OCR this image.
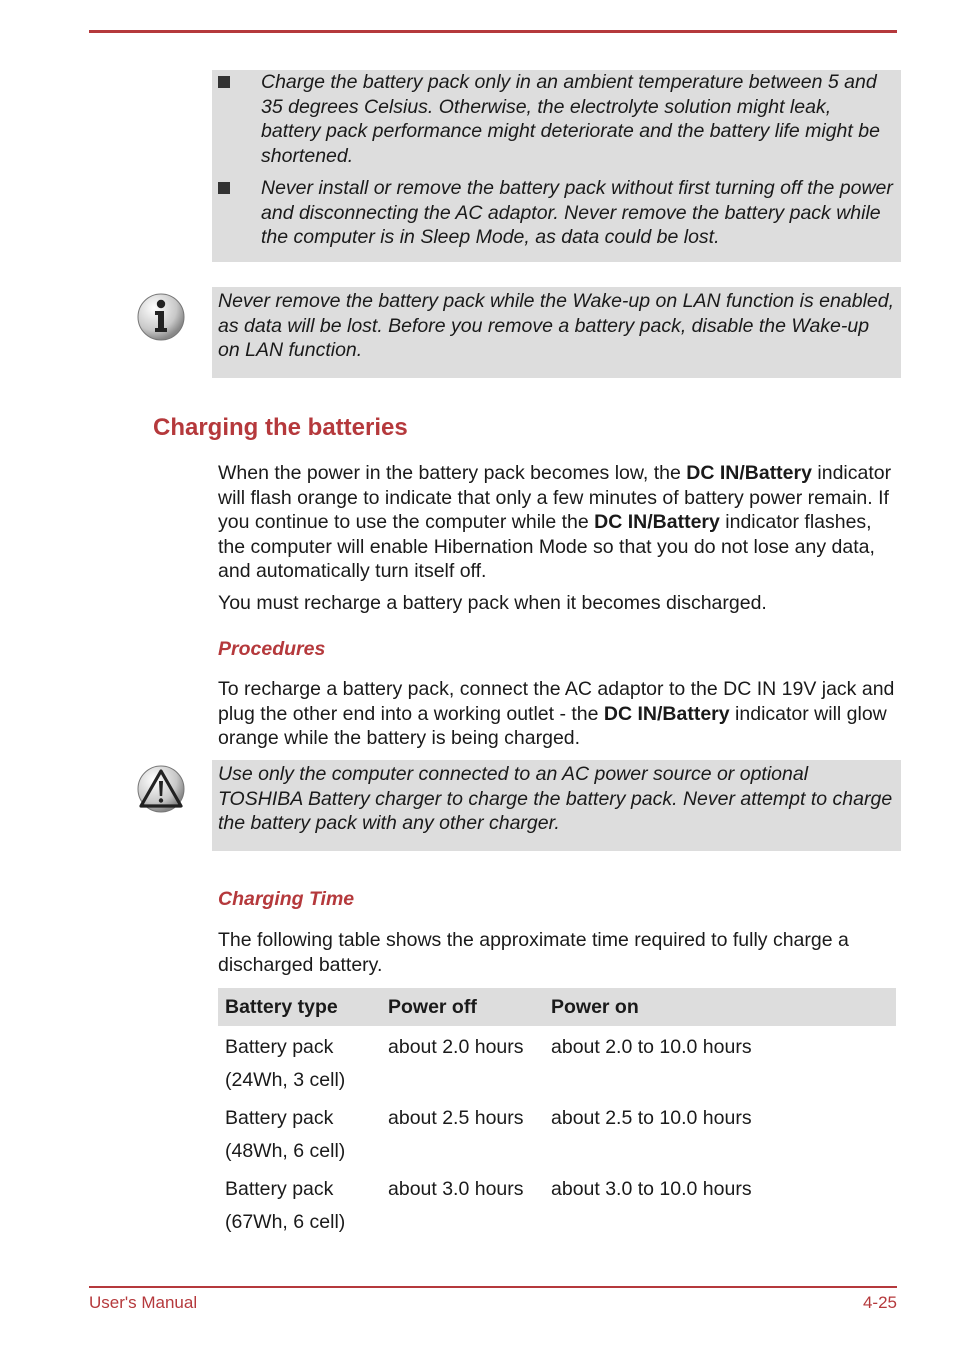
Charge the battery pack only in an ambient temperature between 5 and 35 degrees Celsius. Otherwise, the electrolyte solution might leak, battery pack performance might deteriorate and the battery life might be shortened.
Never install or remove the battery pack without first turning off the power and disconnecting the AC adaptor. Never remove the battery pack while the computer is in Sleep Mode, as data could be lost.
Never remove the battery pack while the Wake-up on LAN function is enabled, as data will be lost. Before you remove a battery pack, disable the Wake-up on LAN function.
Charging the batteries

When the power in the battery pack becomes low, the DC IN/Battery indicator will flash orange to indicate that only a few minutes of battery power remain. If you continue to use the computer while the DC IN/Battery indicator flashes, the computer will enable Hibernation Mode so that you do not lose any data, and automatically turn itself off.

You must recharge a battery pack when it becomes discharged.

Procedures

To recharge a battery pack, connect the AC adaptor to the DC IN 19V jack and plug the other end into a working outlet - the DC IN/Battery indicator will glow orange while the battery is being charged.

Use only the computer connected to an AC power source or optional TOSHIBA Battery charger to charge the battery pack. Never attempt to charge the battery pack with any other charger.
Charging Time

The following table shows the approximate time required to fully charge a discharged battery.

Battery type	Power off	Power on
Battery pack
(24Wh, 3 cell)	about 2.0 hours	about 2.0 to 10.0 hours
Battery pack
(48Wh, 6 cell)	about 2.5 hours	about 2.5 to 10.0 hours
Battery pack
(67Wh, 6 cell)	about 3.0 hours	about 3.0 to 10.0 hours
User's Manual	4-25
